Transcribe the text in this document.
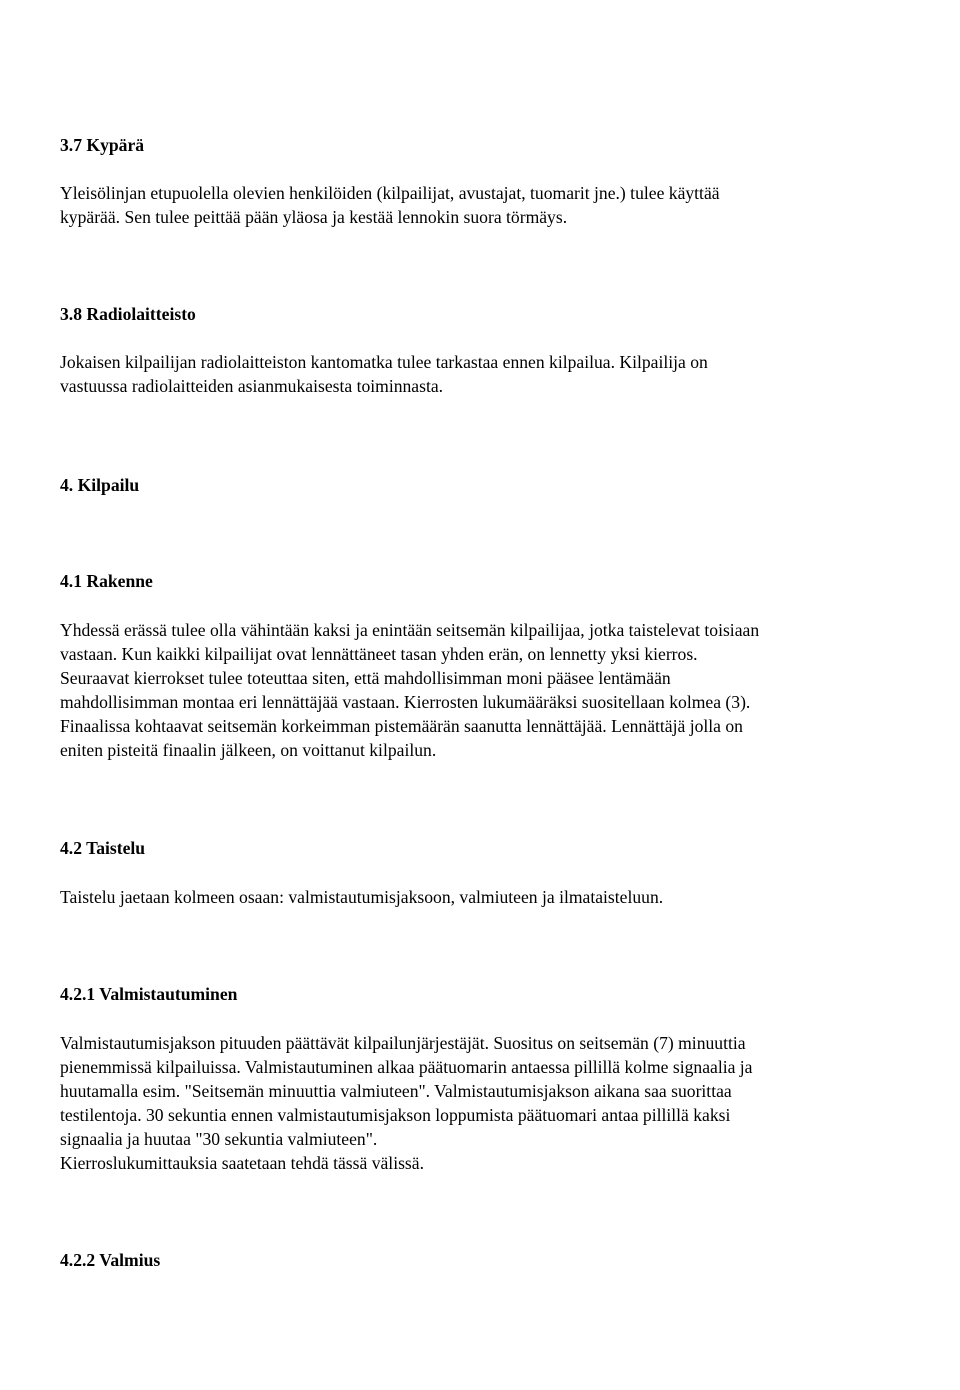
3.7 Kypärä

Yleisölinjan etupuolella olevien henkilöiden (kilpailijat, avustajat, tuomarit jne.) tulee käyttää
kypärää. Sen tulee peittää pään yläosa ja kestää lennokin suora törmäys.

3.8 Radiolaitteisto

Jokaisen kilpailijan radiolaitteiston kantomatka tulee tarkastaa ennen kilpailua. Kilpailija on
vastuussa radiolaitteiden asianmukaisesta toiminnasta.

4. Kilpailu
4.1 Rakenne

Yhdessä erässä tulee olla vähintään kaksi ja enintään seitsemän kilpailijaa, jotka taistelevat toisiaan
vastaan. Kun kaikki kilpailijat ovat lennättäneet tasan yhden erän, on lennetty yksi kierros.
Seuraavat kierrokset tulee toteuttaa siten, että mahdollisimman moni pääsee lentämään
mahdollisimman montaa eri lennättäjää vastaan. Kierrosten lukumääräksi suositellaan kolmea (3).
Finaalissa kohtaavat seitsemän korkeimman pistemäärän saanutta lennättäjää. Lennättäjä jolla on
eniten pisteitä finaalin jälkeen, on voittanut kilpailun.

4.2 Taistelu

Taistelu jaetaan kolmeen osaan: valmistautumisjaksoon, valmiuteen ja ilmataisteluun.

4.2.1 Valmistautuminen

Valmistautumisjakson pituuden päättävät kilpailunjärjestäjät. Suositus on seitsemän (7) minuuttia
pienemmissä kilpailuissa. Valmistautuminen alkaa päätuomarin antaessa pillillä kolme signaalia ja
huutamalla esim. "Seitsemän minuuttia valmiuteen". Valmistautumisjakson aikana saa suorittaa
testilentoja. 30 sekuntia ennen valmistautumisjakson loppumista päätuomari antaa pillillä kaksi
signaalia ja huutaa "30 sekuntia valmiuteen".
Kierroslukumittauksia saatetaan tehdä tässä välissä.

4.2.2 Valmius
